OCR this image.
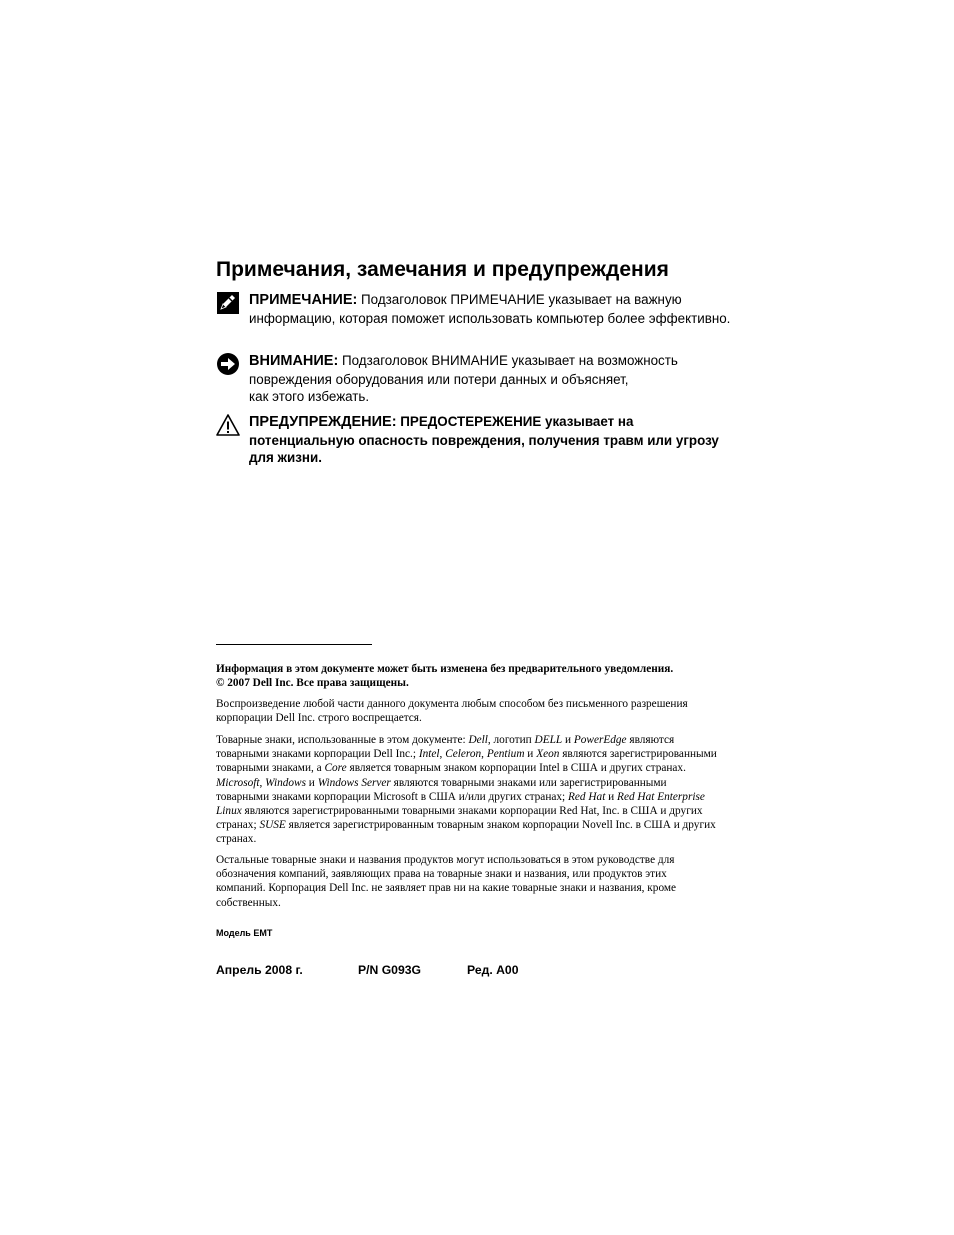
Примечания, замечания и предупреждения
ПРИМЕЧАНИЕ: Подзаголовок ПРИМЕЧАНИЕ указывает на важную информацию, которая поможет использовать компьютер более эффективно.
ВНИМАНИЕ: Подзаголовок ВНИМАНИЕ указывает на возможность повреждения оборудования или потери данных и объясняет,
как этого избежать.
ПРЕДУПРЕЖДЕНИЕ: ПРЕДОСТЕРЕЖЕНИЕ указывает на потенциальную опасность повреждения, получения травм или угрозу для жизни.

Информация в этом документе может быть изменена без предварительного уведомления.
© 2007 Dell Inc. Все права защищены.

Воспроизведение любой части данного документа любым способом без письменного разрешения корпорации Dell Inc. строго воспрещается.

Товарные знаки, использованные в этом документе: Dell, логотип DELL и PowerEdge являются товарными знаками корпорации Dell Inc.; Intel, Celeron, Pentium и Xeon являются зарегистрированными товарными знаками, а Core является товарным знаком корпорации Intel в США и других странах. Microsoft, Windows и Windows Server являются товарными знаками или зарегистрированными товарными знаками корпорации Microsoft в США и/или других странах; Red Hat и Red Hat Enterprise Linux являются зарегистрированными товарными знаками корпорации Red Hat, Inc. в США и других странах; SUSE является зарегистрированным товарным знаком корпорации Novell Inc. в США и других странах.

Остальные товарные знаки и названия продуктов могут использоваться в этом руководстве для обозначения компаний, заявляющих права на товарные знаки и названия, или продуктов этих компаний. Корпорация Dell Inc. не заявляет прав ни на какие товарные знаки и названия, кроме собственных.

Модель EMT
Апрель 2008 г.	P/N G093G	Ред. A00
